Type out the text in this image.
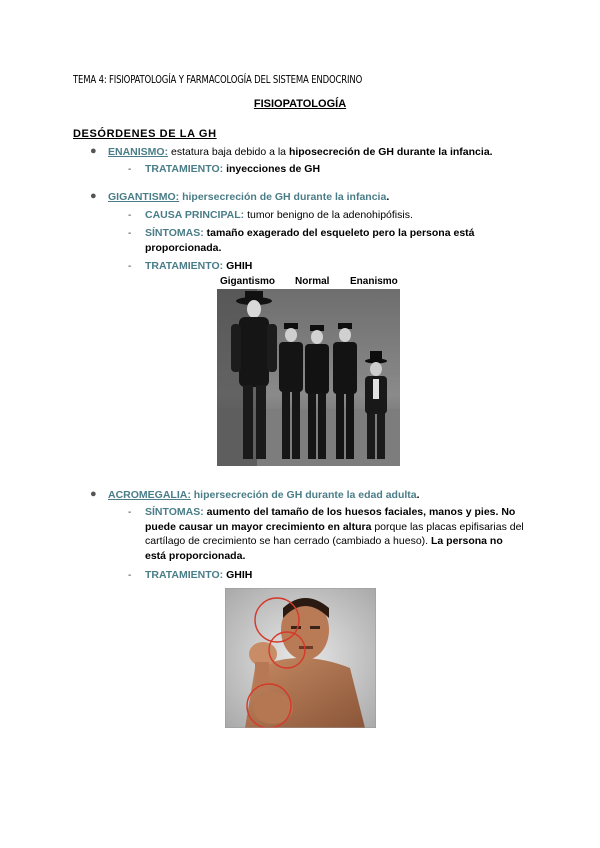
TEMA 4: FISIOPATOLOGÍA Y FARMACOLOGÍA DEL SISTEMA ENDOCRINO
FISIOPATOLOGÍA
DESÓRDENES DE LA GH
● ENANISMO: estatura baja debido a la hiposecreción de GH durante la infancia.
- TRATAMIENTO: inyecciones de GH
● GIGANTISMO: hipersecreción de GH durante la infancia.
- CAUSA PRINCIPAL: tumor benigno de la adenohipófisis.
- SÍNTOMAS: tamaño exagerado del esqueleto pero la persona está proporcionada.
- TRATAMIENTO: GHIH
Gigantismo Normal Enanismo
● ACROMEGALIA: hipersecreción de GH durante la edad adulta.
- SÍNTOMAS: aumento del tamaño de los huesos faciales, manos y pies. No puede causar un mayor crecimiento en altura porque las placas epifisarias del cartílago de crecimiento se han cerrado (cambiado a hueso). La persona no está proporcionada.
- TRATAMIENTO: GHIH
